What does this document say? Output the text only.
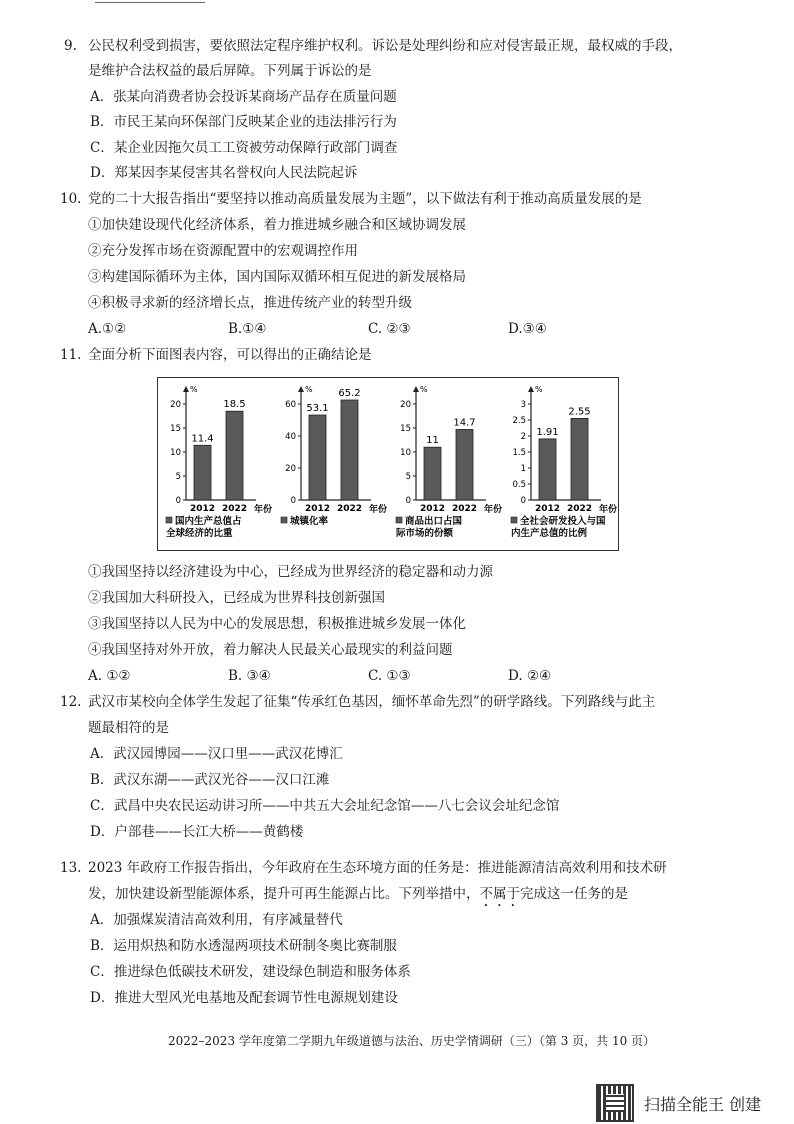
9. 公民权利受到损害，要依照法定程序维护权利。诉讼是处理纠纷和应对侵害最正规，最权威的手段，
是维护合法权益的最后屏障。下列属于诉讼的是
A．张某向消费者协会投诉某商场产品存在质量问题
B．市民王某向环保部门反映某企业的违法排污行为
C．某企业因拖欠员工工资被劳动保障行政部门调查
D．郑某因李某侵害其名誉权向人民法院起诉
10. 党的二十大报告指出“要坚持以推动高质量发展为主题”，以下做法有利于推动高质量发展的是
①加快建设现代化经济体系，着力推进城乡融合和区域协调发展
②充分发挥市场在资源配置中的宏观调控作用
③构建国际循环为主体，国内国际双循环相互促进的新发展格局
④积极寻求新的经济增长点，推进传统产业的转型升级
A.①②	B.①④	C. ②③	D.③④
11. 全面分析下面图表内容，可以得出的正确结论是
%
0
5
10
15
20
11.4
2012
18.5
2022 年份
国内生产总值占
全球经济的比重
%
0
20
40
60 53.1
2012
65.2
2022 年份
城镇化率
%
0
5
10
15
20
11
2012
14.7
2022 年份
商品出口占国
际市场的份额
%
0
0.5
1
1.5
2
2.5
3
1.91
2012
2.55
2022 年份
全社会研发投入与国
内生产总值的比例
①我国坚持以经济建设为中心，已经成为世界经济的稳定器和动力源
②我国加大科研投入，已经成为世界科技创新强国
③我国坚持以人民为中心的发展思想，积极推进城乡发展一体化
④我国坚持对外开放，着力解决人民最关心最现实的利益问题
A. ①②	B. ③④	C. ①③	D. ②④
12. 武汉市某校向全体学生发起了征集“传承红色基因，缅怀革命先烈”的研学路线。下列路线与此主
题最相符的是
A．武汉园博园——汉口里——武汉花博汇
B．武汉东湖——武汉光谷——汉口江滩
C．武昌中央农民运动讲习所——中共五大会址纪念馆——八七会议会址纪念馆
D．户部巷——长江大桥——黄鹤楼
13. 2023 年政府工作报告指出，今年政府在生态环境方面的任务是：推进能源清洁高效利用和技术研
发，加快建设新型能源体系，提升可再生能源占比。下列举措中，不属于完成这一任务的是
A．加强煤炭清洁高效利用，有序减量替代
B．运用炽热和防水透湿两项技术研制冬奥比赛制服
C．推进绿色低碳技术研发，建设绿色制造和服务体系
D．推进大型风光电基地及配套调节性电源规划建设
2022–2023 学年度第二学期九年级道德与法治、历史学情调研（三）（第 3 页，共 10 页）
扫描全能王 创建
